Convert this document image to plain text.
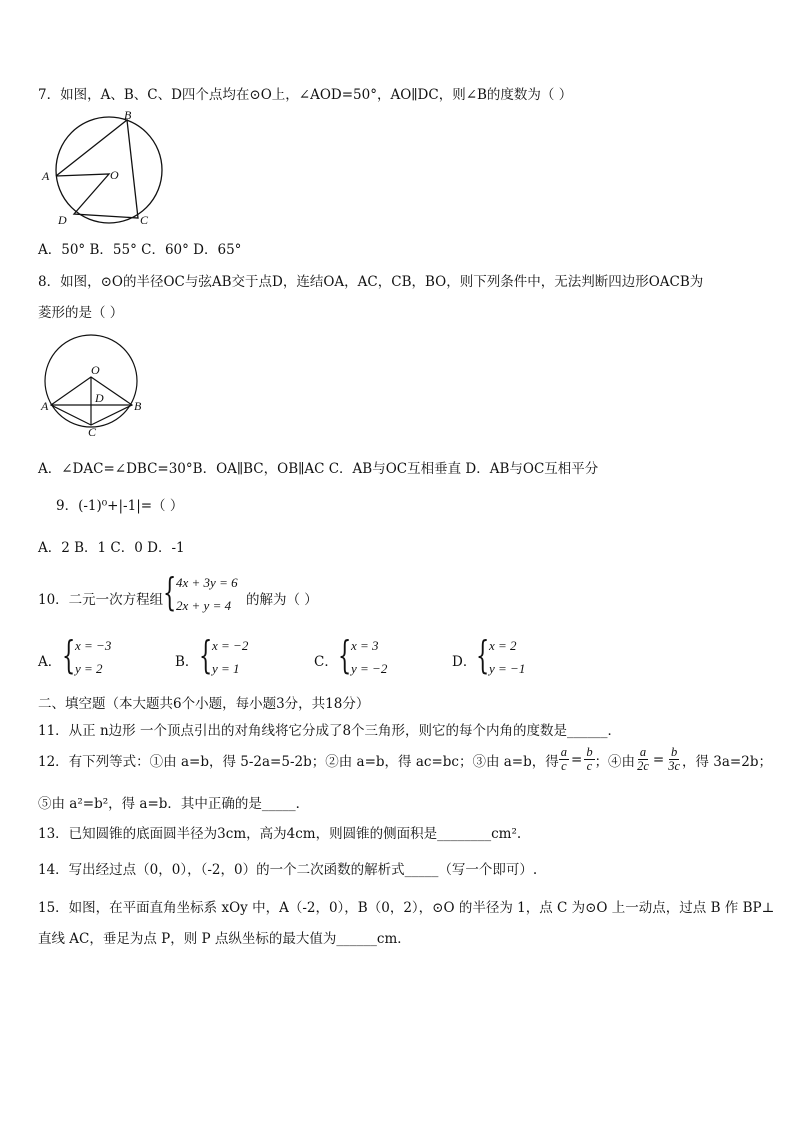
7．如图，A、B、C、D四个点均在⊙O上，∠AOD=50°，AO∥DC，则∠B的度数为（ ）
A
B
C
D
O
A．50° B．55° C．60° D．65°
8．如图，⊙O的半径OC与弦AB交于点D，连结OA，AC，CB，BO，则下列条件中，无法判断四边形OACB为
菱形的是（ ）
A	B
C
D
O
A．∠DAC=∠DBC=30°B．OA∥BC，OB∥AC C．AB与OC互相垂直 D．AB与OC互相平分
9．(-1)⁰+|-1|=（ ）
A．2 B．1 C．0 D．-1
10．二元一次方程组 { 4x + 3y = 6
2x + y = 4 的解为（ ）
A． { x = −3
y = 2	B． { x = −2
y = 1	C． { x = 3
y = −2	D． { x = 2
y = −1
二、填空题（本大题共6个小题，每小题3分，共18分）
11．从正 n边形 一个顶点引出的对角线将它分成了8个三角形，则它的每个内角的度数是______．
12．有下列等式：①由 a=b，得 5-2a=5-2b；②由 a=b，得 ac=bc；③由 a=b，得 $\frac{a}{c} = \frac{b}{c}$ ；④由 $\frac{a}{2c} = \frac{b}{3c}$ ，得 3a=2b；
⑤由 a²=b²，得 a=b．其中正确的是_____．
13．已知圆锥的底面圆半径为3cm，高为4cm，则圆锥的侧面积是________cm².
14．写出经过点（0，0），（-2，0）的一个二次函数的解析式_____（写一个即可）.
15．如图，在平面直角坐标系 xOy 中，A（-2，0），B（0，2），⊙O 的半径为 1，点 C 为⊙O 上一动点，过点 B 作 BP⊥
直线 AC，垂足为点 P，则 P 点纵坐标的最大值为______cm．
